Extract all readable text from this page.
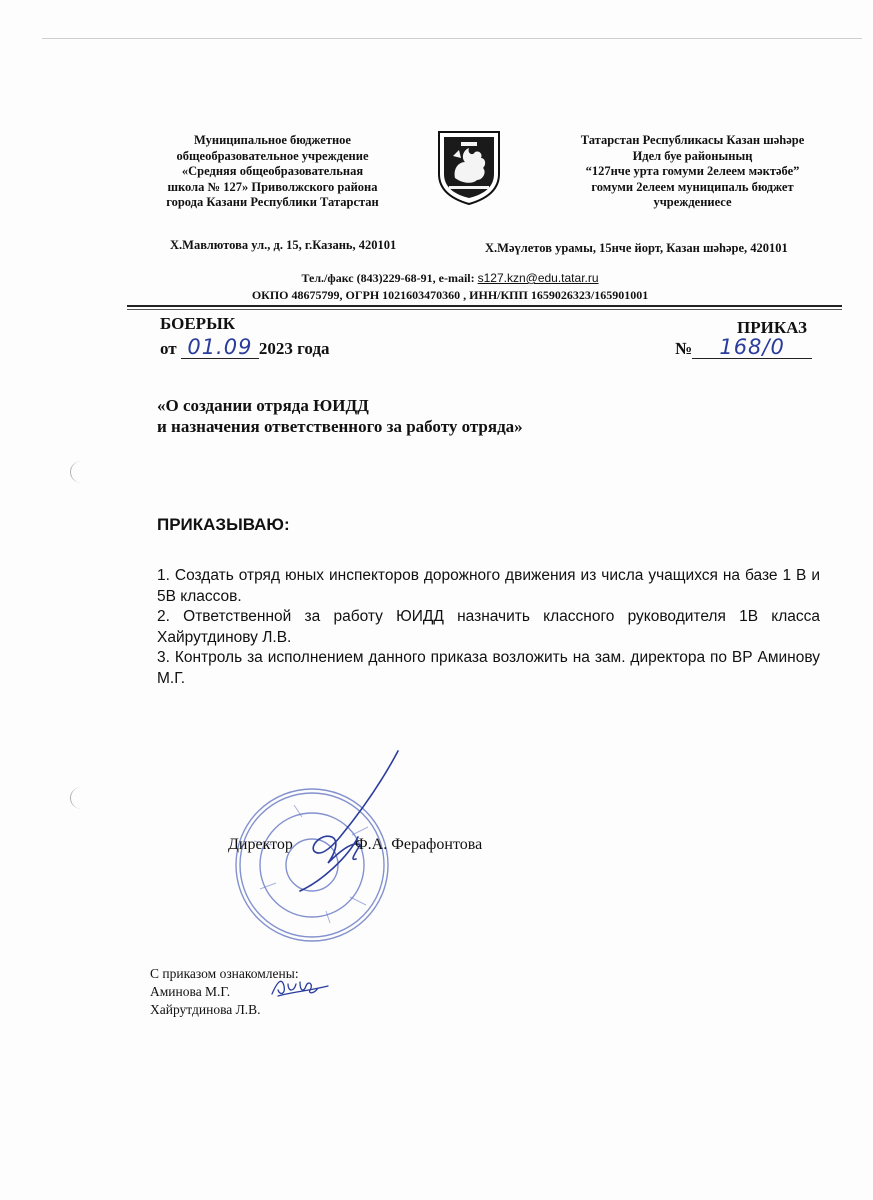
Муниципальное бюджетное
общеобразовательное учреждение
«Средняя общеобразовательная
школа № 127» Приволжского района
города Казани Республики Татарстан
Татарстан Республикасы Казан шәһәре
Идел буе районының
“127нче урта гомуми 2елеем мәктәбе”
гомуми 2елеем муниципаль бюджет
учреждениесе
Х.Мавлютова ул., д. 15, г.Казань, 420101	Х.Мәүлетов урамы, 15нче йорт, Казан шәһәре, 420101
Тел./факс (843)229-68-91, e-mail: s127.kzn@edu.tatar.ru
ОКПО 48675799, ОГРН 1021603470360 , ИНН/КПП 1659026323/165901001
БОЕРЫК	ПРИКАЗ
от 01.09 2023 года	№ 168/0
«О создании отряда ЮИДД
и назначения ответственного за работу отряда»
ПРИКАЗЫВАЮ:

1. Создать отряд юных инспекторов дорожного движения из числа учащихся на базе 1 В и 5В классов.

2. Ответственной за работу ЮИДД назначить классного руководителя 1В класса Хайрутдинову Л.В.

3. Контроль за исполнением данного приказа возложить на зам. директора по ВР Аминову М.Г.

Директор	Ф.А. Ферафонтова
С приказом ознакомлены:
Аминова М.Г.
Хайрутдинова Л.В.
